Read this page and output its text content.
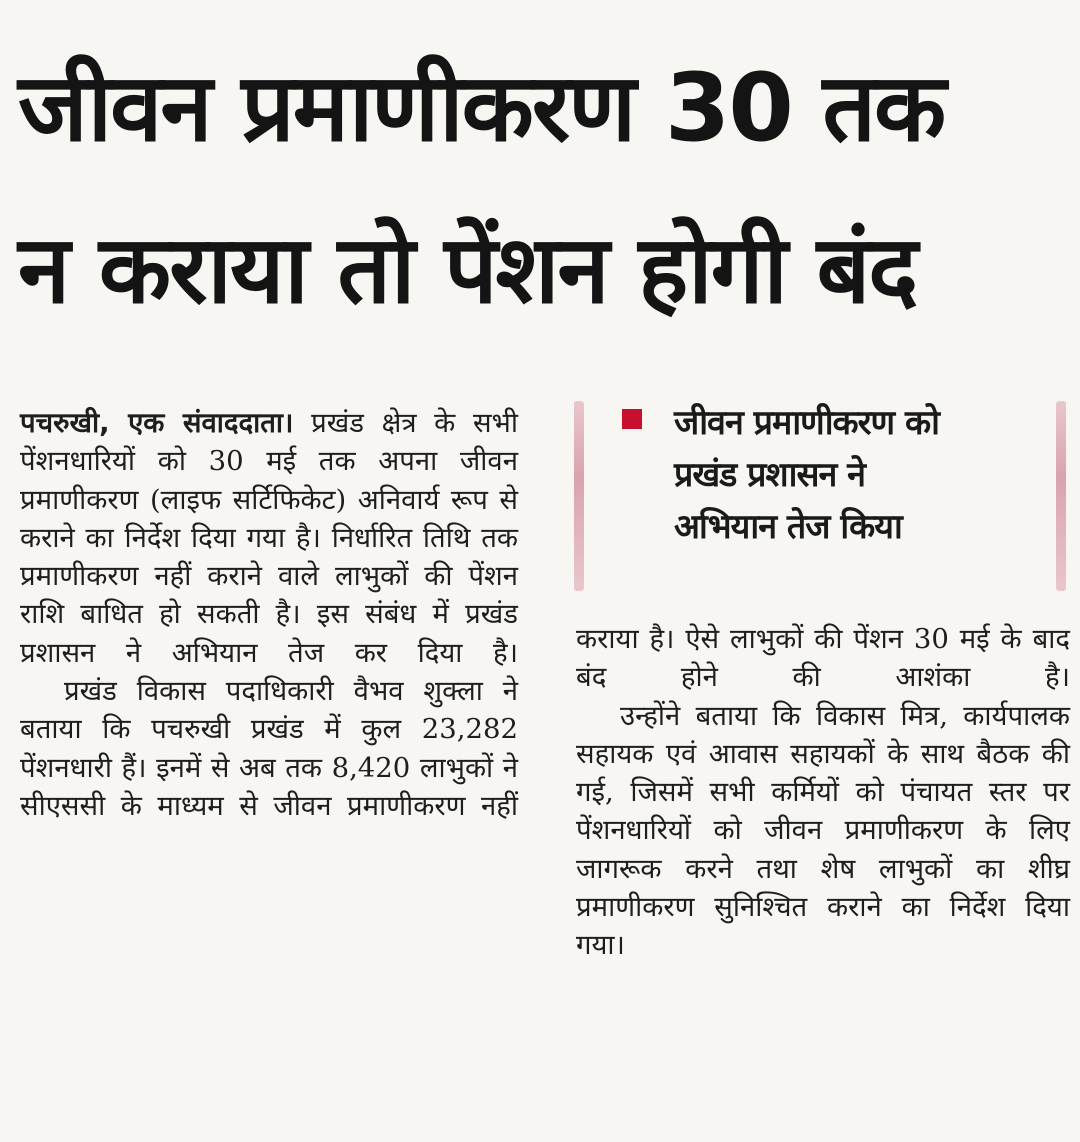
जीवन प्रमाणीकरण 30 तक
न कराया तो पेंशन होगी बंद

पचरुखी, एक संवाददाता। प्रखंड क्षेत्र के सभी पेंशनधारियों को 30 मई तक अपना जीवन प्रमाणीकरण (लाइफ सर्टिफिकेट) अनिवार्य रूप से कराने का निर्देश दिया गया है। निर्धारित तिथि तक प्रमाणीकरण नहीं कराने वाले लाभुकों की पेंशन राशि बाधित हो सकती है। इस संबंध में प्रखंड प्रशासन ने अभियान तेज कर दिया है।

प्रखंड विकास पदाधिकारी वैभव शुक्ला ने बताया कि पचरुखी प्रखंड में कुल 23,282 पेंशनधारी हैं। इनमें से अब तक 8,420 लाभुकों ने सीएससी के माध्यम से जीवन प्रमाणीकरण नहीं

जीवन प्रमाणीकरण को
प्रखंड प्रशासन ने
अभियान तेज किया

कराया है। ऐसे लाभुकों की पेंशन 30 मई के बाद बंद होने की आशंका है।

उन्होंने बताया कि विकास मित्र, कार्यपालक सहायक एवं आवास सहायकों के साथ बैठक की गई, जिसमें सभी कर्मियों को पंचायत स्तर पर पेंशनधारियों को जीवन प्रमाणीकरण के लिए जागरूक करने तथा शेष लाभुकों का शीघ्र प्रमाणीकरण सुनिश्चित कराने का निर्देश दिया गया।
